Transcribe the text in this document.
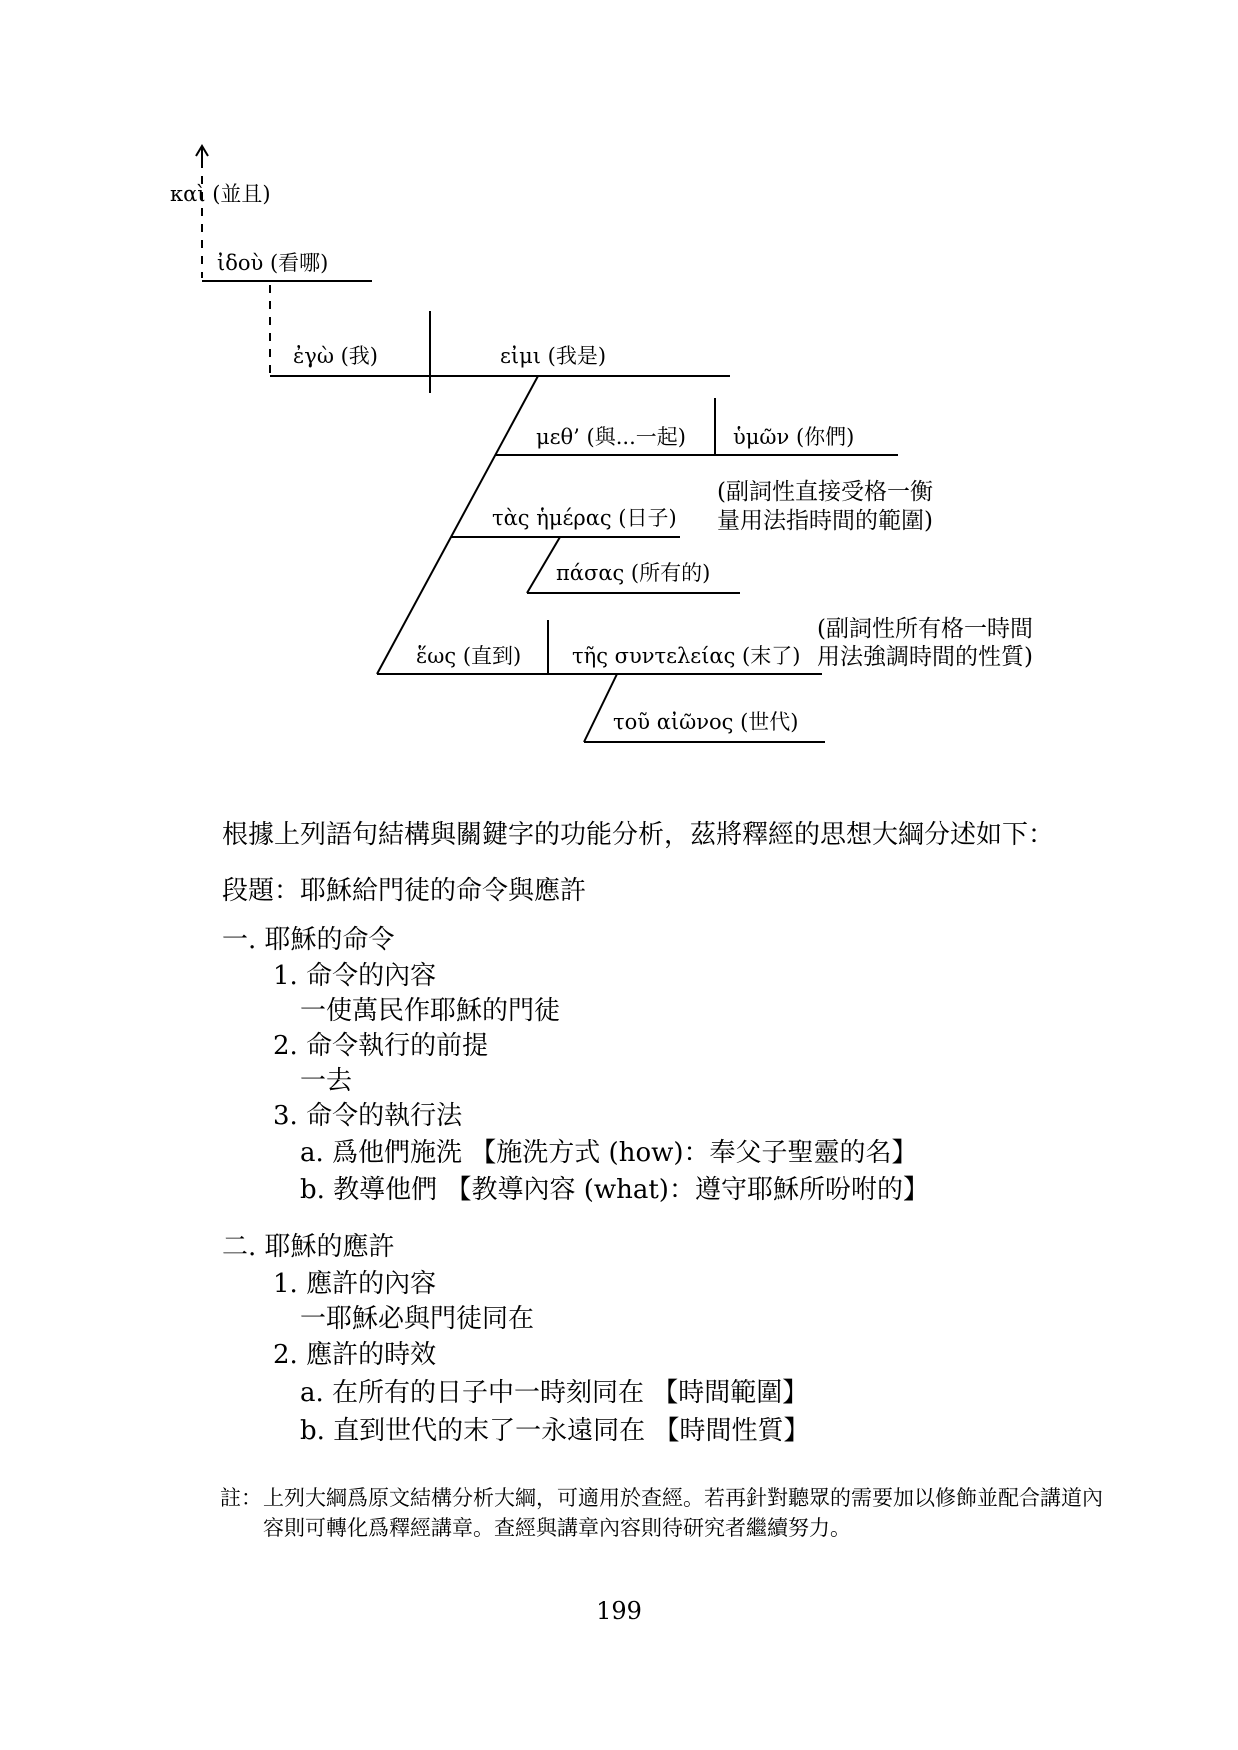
καὶ (並且)
ἰδοὺ (看哪)
ἐγὼ (我)	εἰμι (我是)
μεθ’ (與...一起) ὑμῶν (你們)
τὰς ἡμέρας (日子)
(副詞性直接受格一衡
量用法指時間的範圍)
πάσας (所有的)
ἕως (直到) τῆς συντελείας (末了)
(副詞性所有格一時間
用法強調時間的性質)
τοῦ αἰῶνος (世代)
根據上列語句結構與關鍵字的功能分析，茲將釋經的思想大綱分述如下：
段題：耶穌給門徒的命令與應許
一. 耶穌的命令
1. 命令的內容
一使萬民作耶穌的門徒
2. 命令執行的前提
一去
3. 命令的執行法
a. 爲他們施洗 【施洗方式 (how)：奉父子聖靈的名】
b. 教導他們 【教導內容 (what)：遵守耶穌所吩咐的】
二. 耶穌的應許
1. 應許的內容
一耶穌必與門徒同在
2. 應許的時效
a. 在所有的日子中一時刻同在 【時間範圍】
b. 直到世代的末了一永遠同在 【時間性質】
註： 上列大綱爲原文結構分析大綱，可適用於查經。若再針對聽眾的需要加以修飾並配合講道內容則可轉化爲釋經講章。查經與講章內容則待研究者繼續努力。
199
